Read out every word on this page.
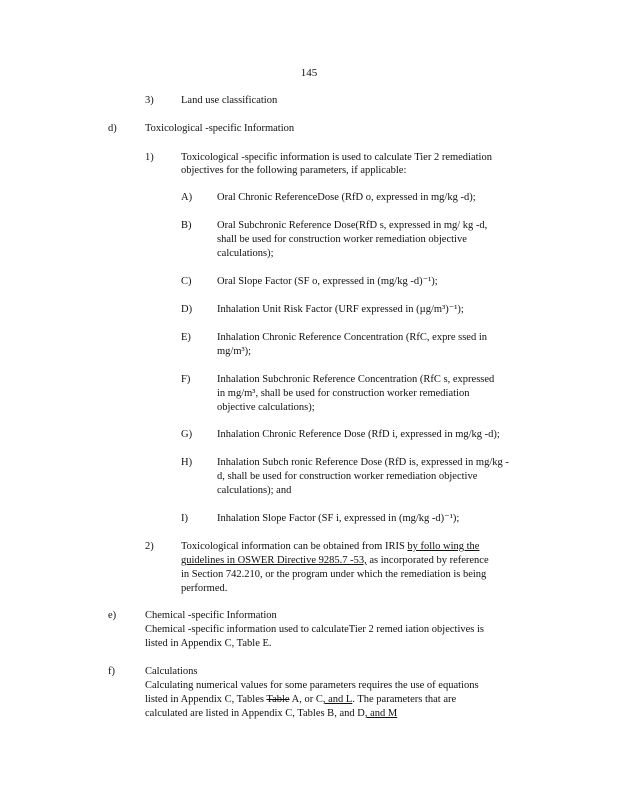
145
3)	Land use classification
d)	Toxicological -specific Information
1)	Toxicological -specific information is used to calculate Tier 2 remediation
objectives for the following parameters, if applicable:
A) Oral Chronic ReferenceDose (RfD o, expressed in mg/kg -d);
B) Oral Subchronic Reference Dose(RfD s, expressed in mg/ kg -d,
shall be used for construction worker remediation objective
calculations);
C) Oral Slope Factor (SF o, expressed in (mg/kg -d)⁻¹);
D) Inhalation Unit Risk Factor (URF expressed in (µg/m³)⁻¹);
E) Inhalation Chronic Reference Concentration (RfC, expre ssed in
mg/m³);
F)	Inhalation Subchronic Reference Concentration (RfC s, expressed
in mg/m³, shall be used for construction worker remediation
objective calculations);
G) Inhalation Chronic Reference Dose (RfD i, expressed in mg/kg -d);
H) Inhalation Subch ronic Reference Dose (RfD is, expressed in mg/kg -
d, shall be used for construction worker remediation objective
calculations); and
I)	Inhalation Slope Factor (SF i, expressed in (mg/kg -d)⁻¹);
2)	Toxicological information can be obtained from IRIS by follo wing the
guidelines in OSWER Directive 9285.7 -53, as incorporated by reference
in Section 742.210, or the program under which the remediation is being
performed.
e)	Chemical -specific Information
Chemical -specific information used to calculateTier 2 remed iation objectives is
listed in Appendix C, Table E.
f)	Calculations
Calculating numerical values for some parameters requires the use of equations
listed in Appendix C, Tables Table A, or C, and L. The parameters that are
calculated are listed in Appendix C, Tables B, and D, and M
